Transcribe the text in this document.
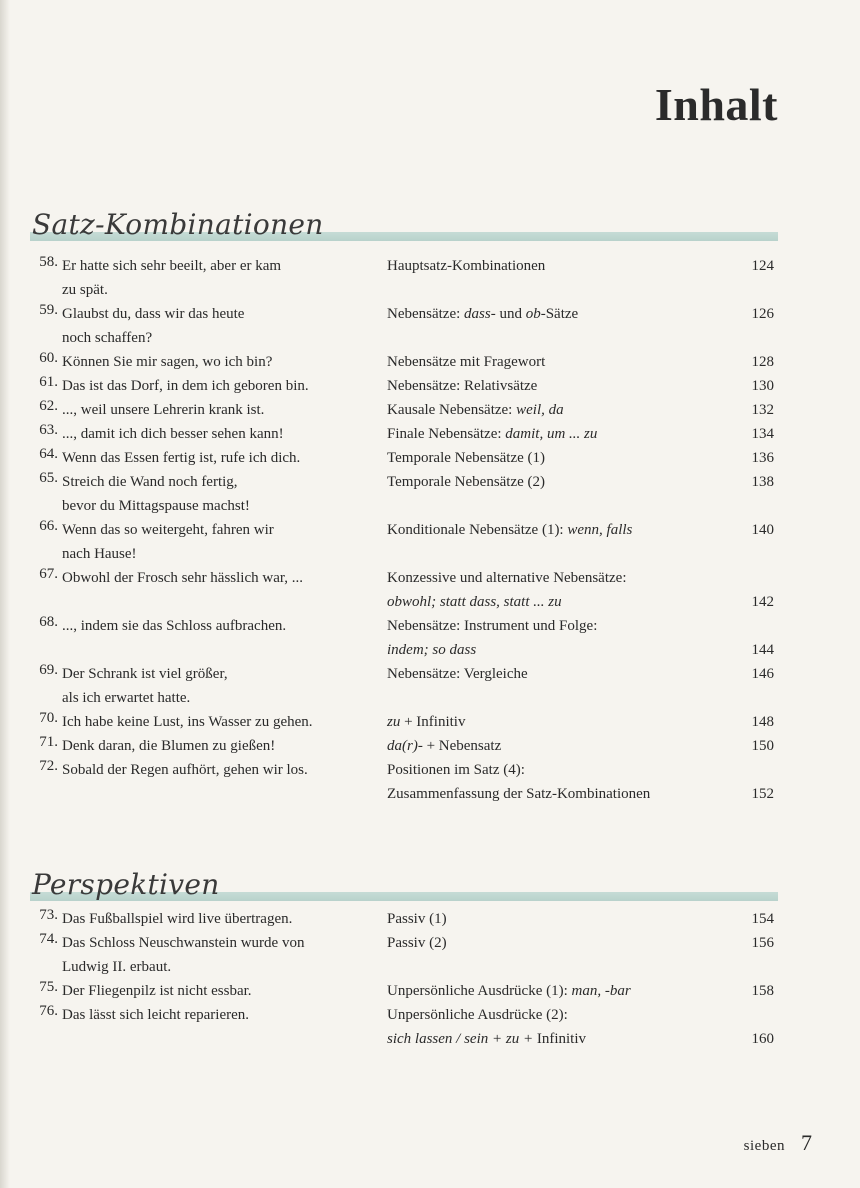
Inhalt
Satz-Kombinationen
58. Er hatte sich sehr beeilt, aber er kam
zu spät.
Hauptsatz-Kombinationen	124
59. Glaubst du, dass wir das heute
noch schaffen?
Nebensätze: dass- und ob-Sätze	126
60. Können Sie mir sagen, wo ich bin?	Nebensätze mit Fragewort	128
61. Das ist das Dorf, in dem ich geboren bin.	Nebensätze: Relativsätze	130
62. ..., weil unsere Lehrerin krank ist.	Kausale Nebensätze: weil, da	132
63. ..., damit ich dich besser sehen kann!	Finale Nebensätze: damit, um ... zu	134
64. Wenn das Essen fertig ist, rufe ich dich.	Temporale Nebensätze (1)	136
65. Streich die Wand noch fertig,
bevor du Mittagspause machst!
Temporale Nebensätze (2)	138
66. Wenn das so weitergeht, fahren wir
nach Hause!
Konditionale Nebensätze (1): wenn, falls	140
67. Obwohl der Frosch sehr hässlich war, ...	Konzessive und alternative Nebensätze:
obwohl; statt dass, statt ... zu	142
68. ..., indem sie das Schloss aufbrachen.	Nebensätze: Instrument und Folge:
indem; so dass	144
69. Der Schrank ist viel größer,
als ich erwartet hatte.
Nebensätze: Vergleiche	146
70. Ich habe keine Lust, ins Wasser zu gehen.	zu + Infinitiv	148
71. Denk daran, die Blumen zu gießen!	da(r)- + Nebensatz	150
72. Sobald der Regen aufhört, gehen wir los.	Positionen im Satz (4):
Zusammenfassung der Satz-Kombinationen	152
Perspektiven
73. Das Fußballspiel wird live übertragen.	Passiv (1)	154
74. Das Schloss Neuschwanstein wurde von
Ludwig II. erbaut.
Passiv (2)	156
75. Der Fliegenpilz ist nicht essbar.	Unpersönliche Ausdrücke (1): man, -bar	158
76. Das lässt sich leicht reparieren.	Unpersönliche Ausdrücke (2):
sich lassen / sein + zu + Infinitiv	160
sieben 7
